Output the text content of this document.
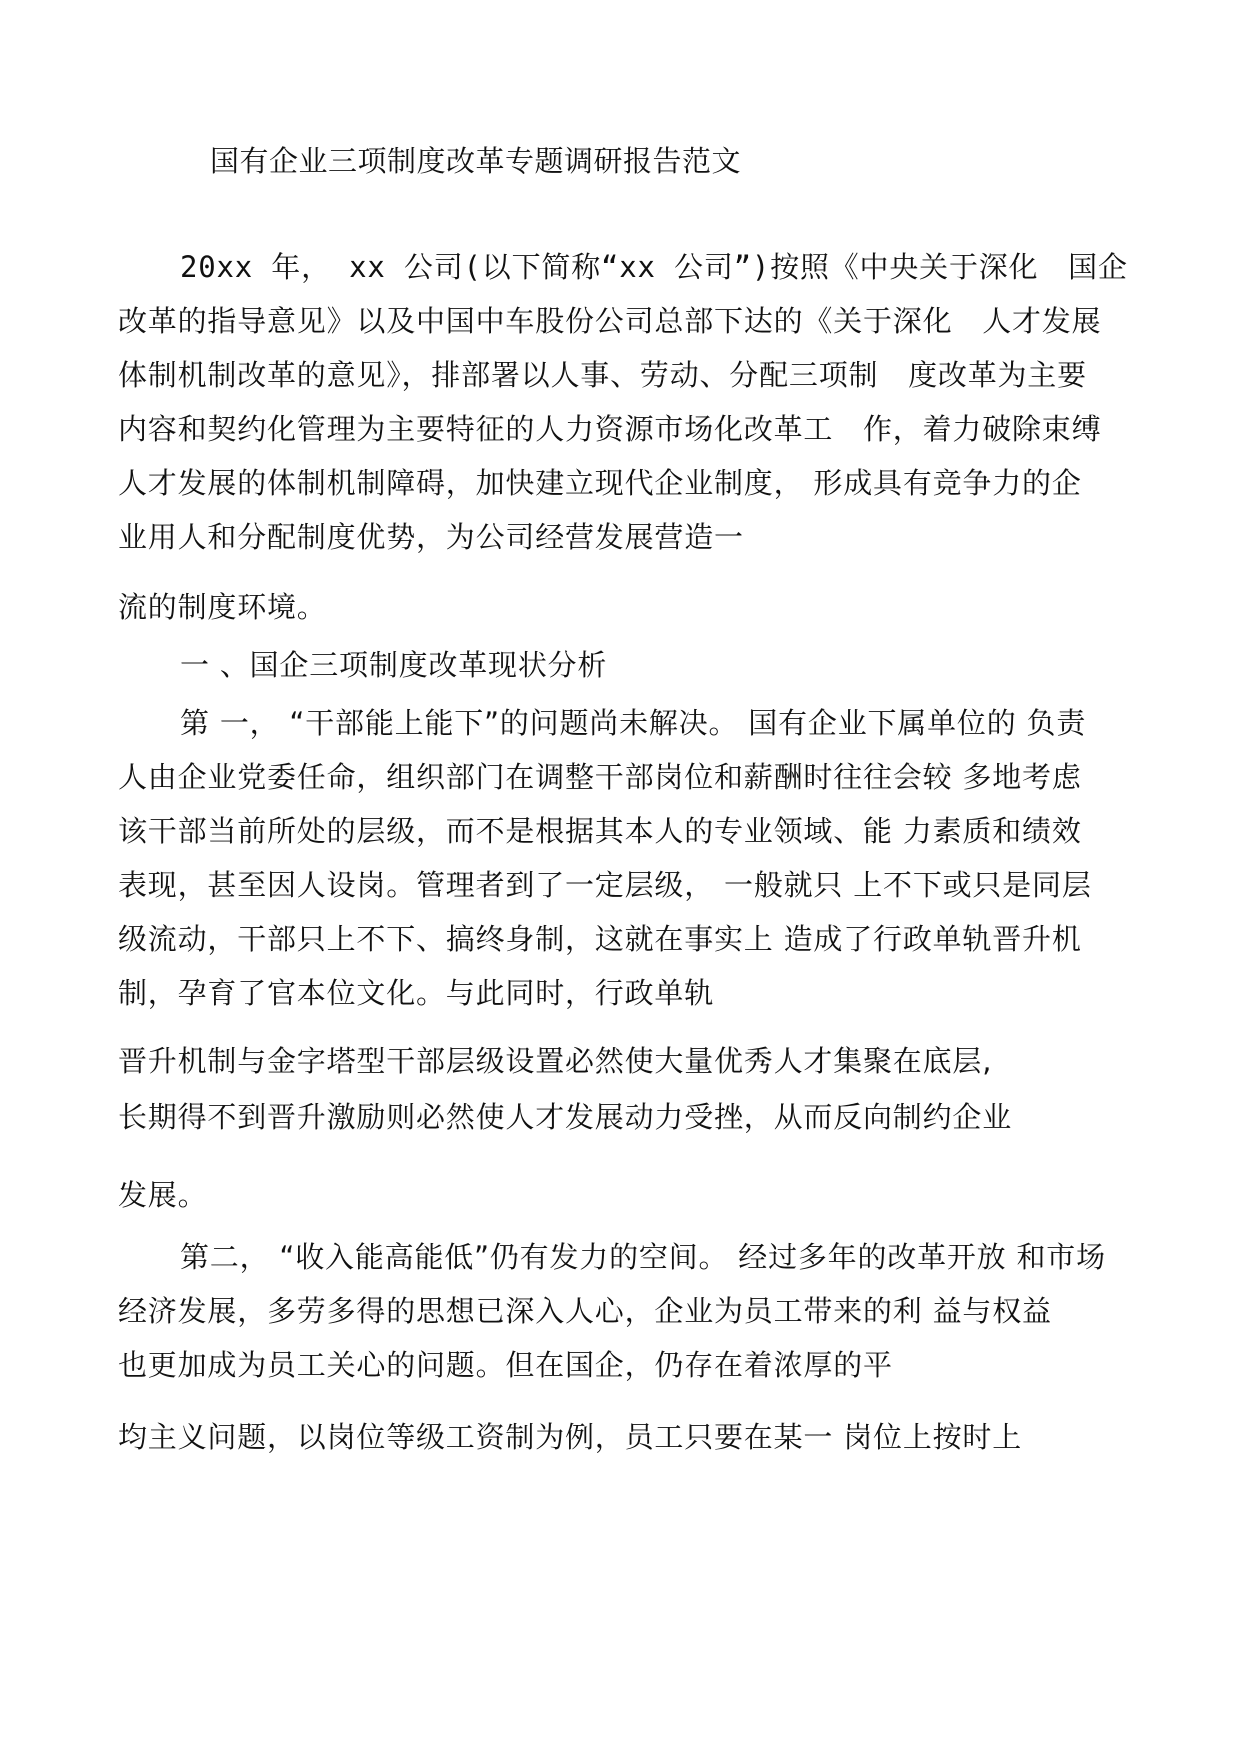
国有企业三项制度改革专题调研报告范文
20xx 年， xx 公司(以下简称“xx 公司”)按照《中央关于深化　国企
改革的指导意见》以及中国中车股份公司总部下达的《关于深化　人才发展
体制机制改革的意见》，排部署以人事、劳动、分配三项制　度改革为主要
内容和契约化管理为主要特征的人力资源市场化改革工　作，着力破除束缚
人才发展的体制机制障碍，加快建立现代企业制度， 形成具有竞争力的企
业用人和分配制度优势，为公司经营发展营造一
流的制度环境。
一 、国企三项制度改革现状分析
第 一， “干部能上能下”的问题尚未解决。 国有企业下属单位的 负责
人由企业党委任命，组织部门在调整干部岗位和薪酬时往往会较 多地考虑
该干部当前所处的层级，而不是根据其本人的专业领域、能 力素质和绩效
表现，甚至因人设岗。管理者到了一定层级， 一般就只 上不下或只是同层
级流动，干部只上不下、搞终身制，这就在事实上 造成了行政单轨晋升机
制，孕育了官本位文化。与此同时，行政单轨
晋升机制与金字塔型干部层级设置必然使大量优秀人才集聚在底层,
长期得不到晋升激励则必然使人才发展动力受挫，从而反向制约企业
发展。
第二， “收入能高能低”仍有发力的空间。 经过多年的改革开放 和市场
经济发展，多劳多得的思想已深入人心，企业为员工带来的利 益与权益
也更加成为员工关心的问题。但在国企，仍存在着浓厚的平
均主义问题，以岗位等级工资制为例，员工只要在某一 岗位上按时上
